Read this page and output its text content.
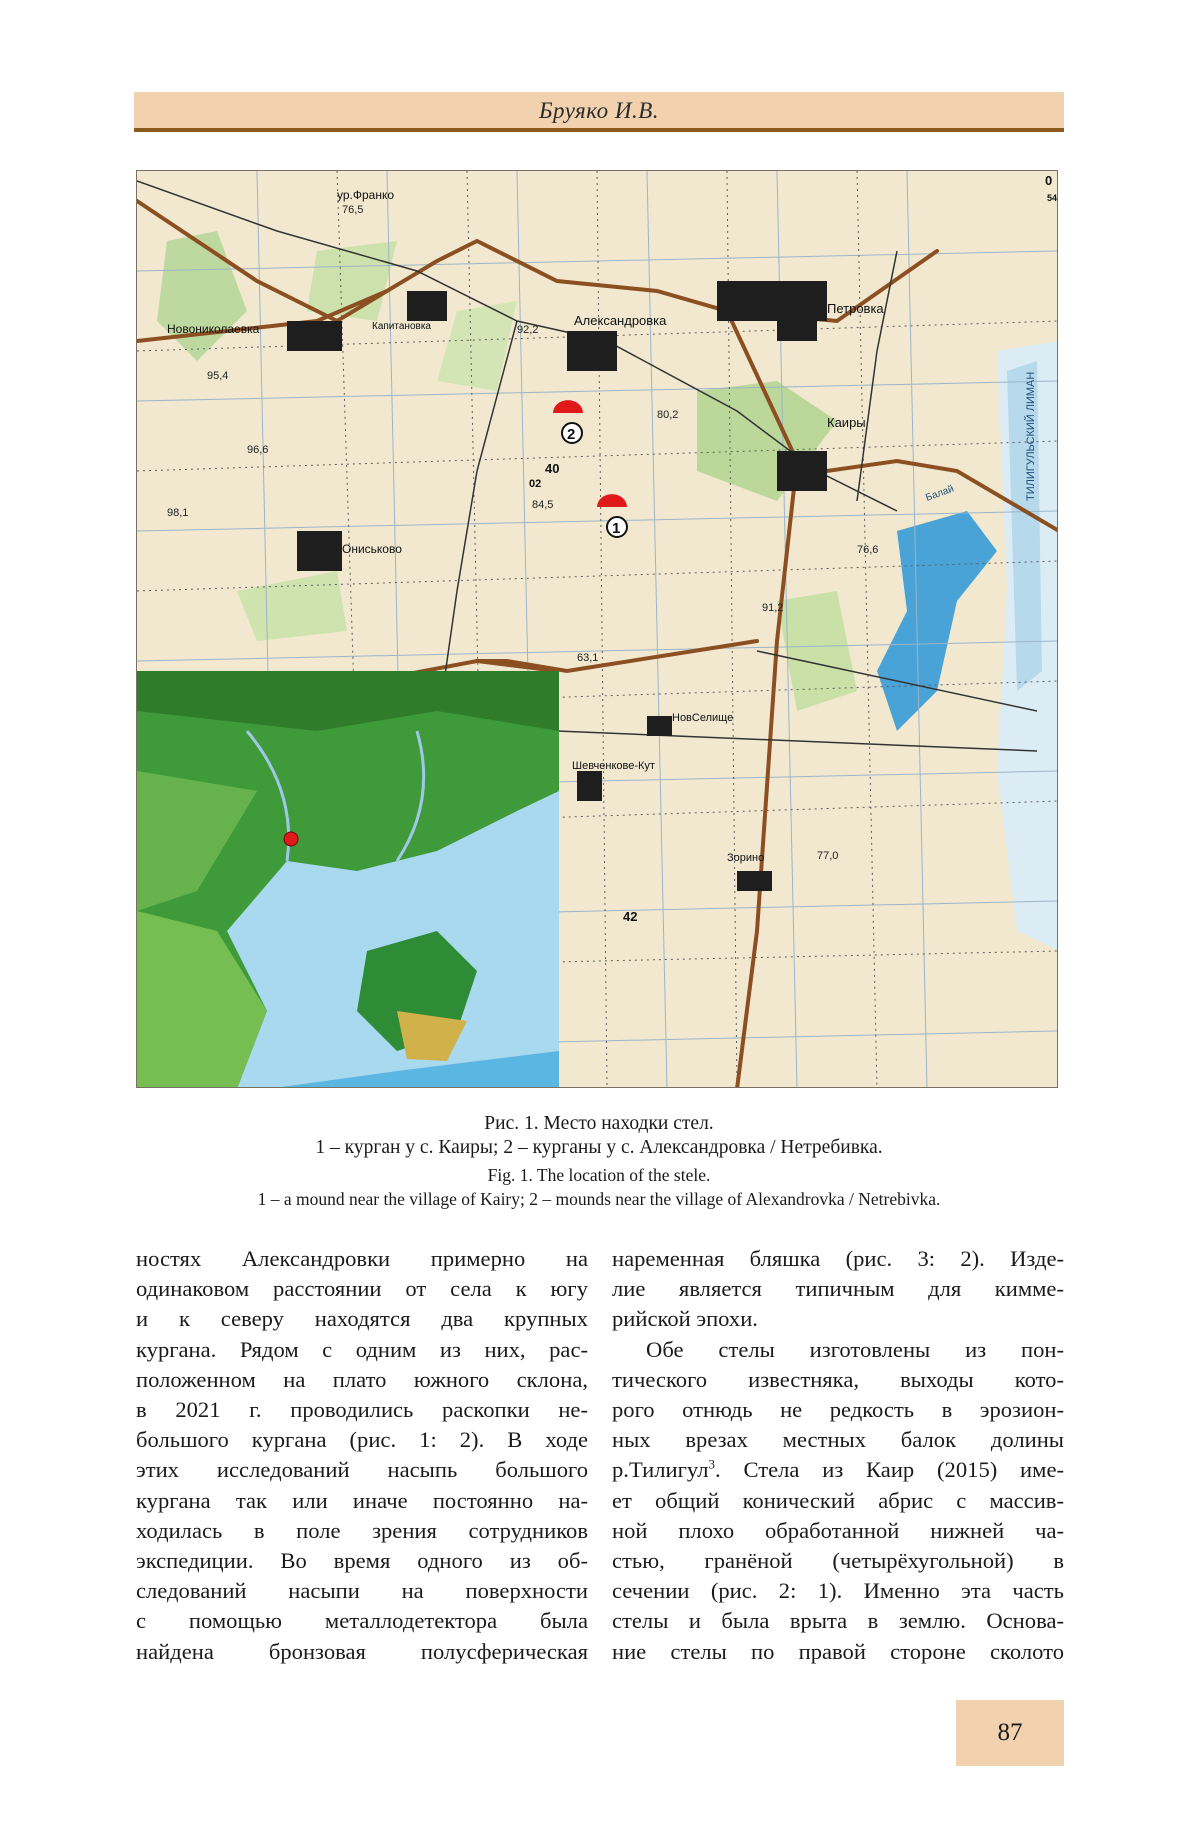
Бруяко И.В.
ур.Франко
Капитановка
Новониколаевка
Александровка
Петровка
Каиры
Ониськово
НовСелище
Шевченкове-Кут
Зорино
76,5
95,4
96,6
98,1
84,5
92,2
80,2
91,2
76,6
63,1
77,0
40
02
42
0
54
ТИЛИГУЛЬСКИЙ ЛИМАН
Балай
2
1
Рис. 1. Место находки стел.
1 – курган у с. Каиры; 2 – курганы у с. Александровка / Нетребивка.
Fig. 1. The location of the stele.
1 – a mound near the village of Kairy; 2 – mounds near the village of Alexandrovka / Netrebivka.

ностях Александровки примерно на

одинаковом расстоянии от села к югу

и к северу находятся два крупных

кургана. Рядом с одним из них, рас-

положенном на плато южного склона,

в 2021 г. проводились раскопки не-

большого кургана (рис. 1: 2). В ходе

этих исследований насыпь большого

кургана так или иначе постоянно на-

ходилась в поле зрения сотрудников

экспедиции. Во время одного из об-

следований насыпи на поверхности

с помощью металлодетектора была

найдена бронзовая полусферическая

наременная бляшка (рис. 3: 2). Изде-

лие является типичным для кимме-

рийской эпохи.

Обе стелы изготовлены из пон-

тического известняка, выходы кото-

рого отнюдь не редкость в эрозион-

ных врезах местных балок долины

р.Тилигул$^3$. Стела из Каир (2015) име-

ет общий конический абрис с массив-

ной плохо обработанной нижней ча-

стью, гранёной (четырёхугольной) в

сечении (рис. 2: 1). Именно эта часть

стелы и была врыта в землю. Основа-

ние стелы по правой стороне сколото

87
